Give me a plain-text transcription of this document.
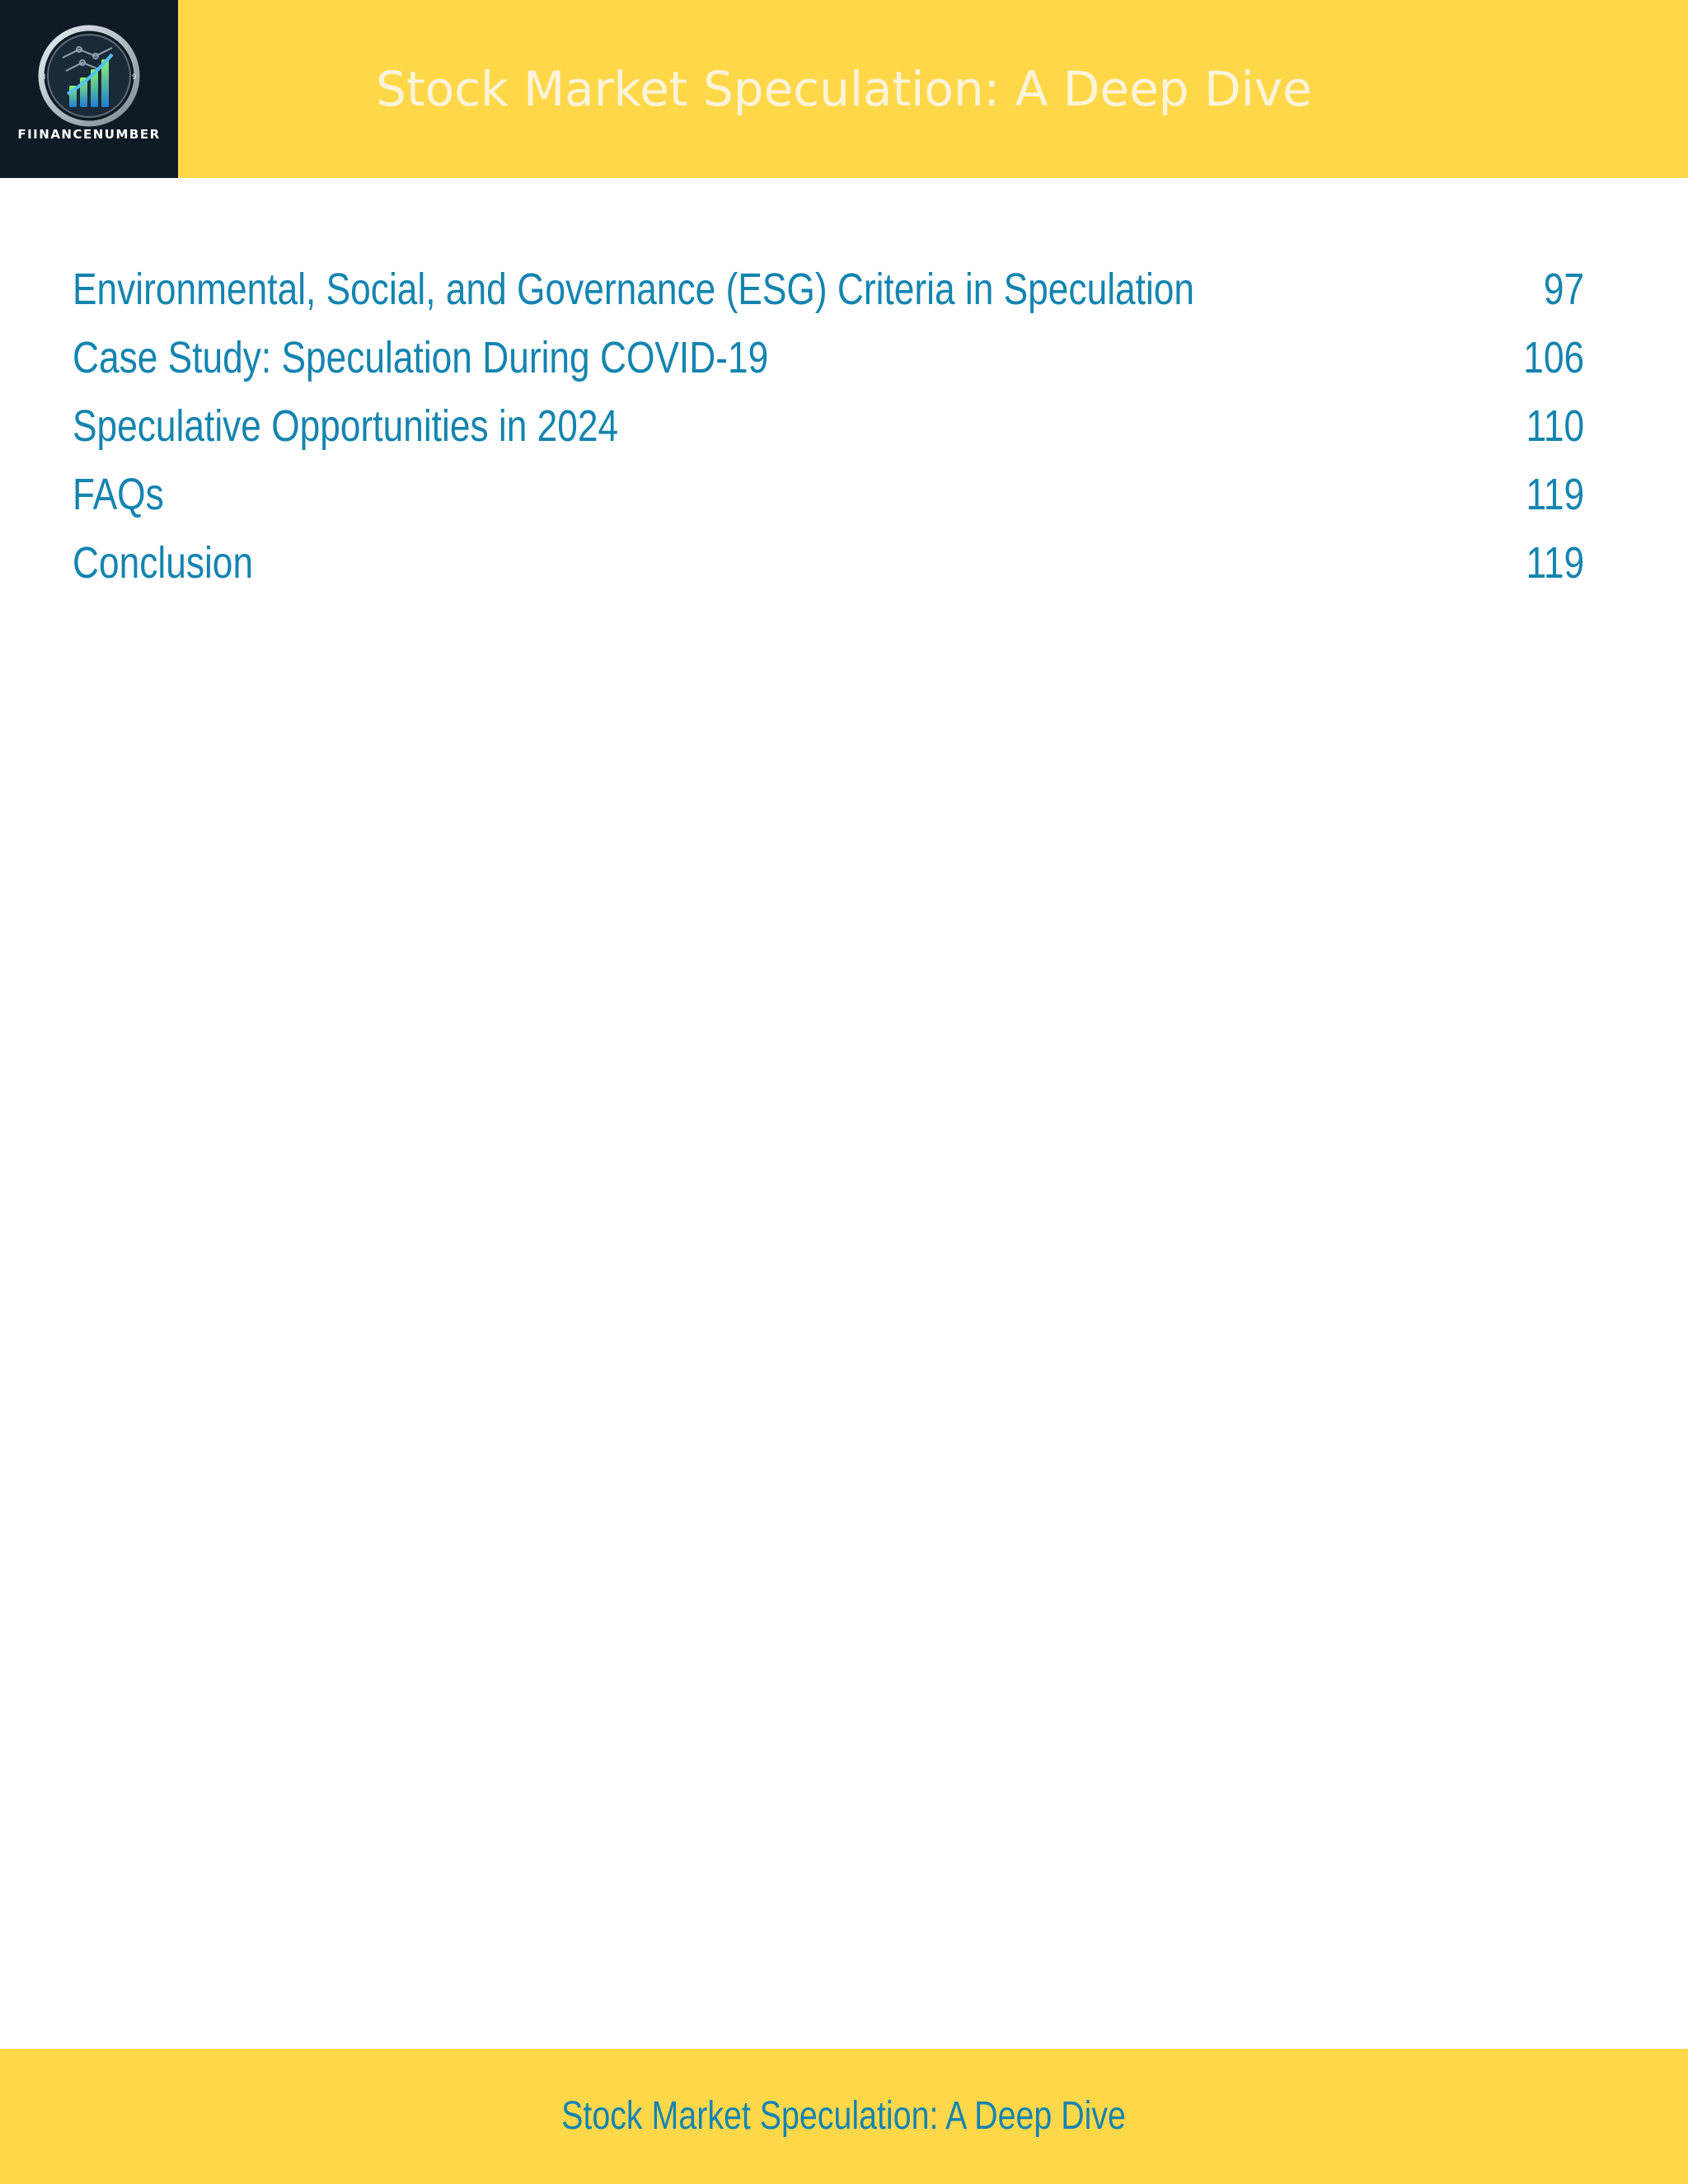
3	9
FIINANCENUMBER
Stock Market Speculation: A Deep Dive
Environmental, Social, and Governance (ESG) Criteria in Speculation	97
Case Study: Speculation During COVID-19	106
Speculative Opportunities in 2024	110
FAQs	119
Conclusion	119
Stock Market Speculation: A Deep Dive
